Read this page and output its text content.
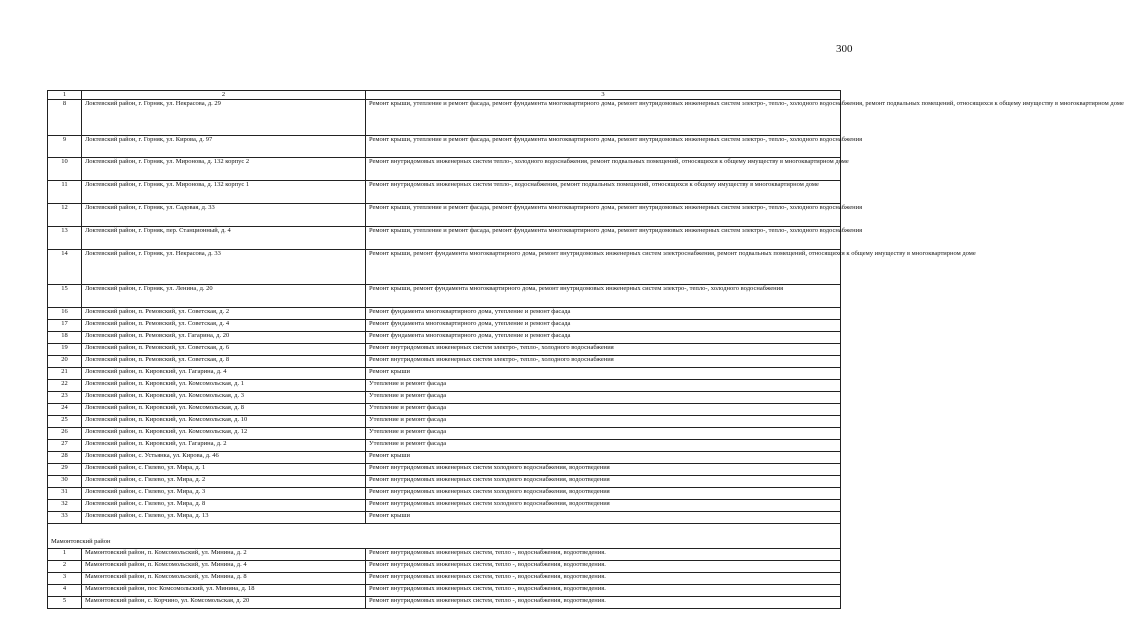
300
1	2	3
8	Локтевский район, г. Горняк, ул. Некрасова, д. 29	Ремонт крыши, утепление и ремонт фасада, ремонт фундамента многоквартирного дома, ремонт внутридомовых инженерных систем электро-, тепло-, холодного водоснабжения, ремонт подвальных помещений, относящихся к общему имуществу в многоквартирном доме
9	Локтевский район, г. Горняк, ул. Кирова, д. 97	Ремонт крыши, утепление и ремонт фасада, ремонт фундамента многоквартирного дома, ремонт внутридомовых инженерных систем электро-, тепло-, холодного водоснабжения
10	Локтевский район, г. Горняк, ул. Миронова, д. 132 корпус 2	Ремонт внутридомовых инженерных систем тепло-, холодного водоснабжения, ремонт подвальных помещений, относящихся к общему имуществу в многоквартирном доме
11	Локтевский район, г. Горняк, ул. Миронова, д. 132 корпус 1	Ремонт внутридомовых инженерных систем тепло-, водоснабжения, ремонт подвальных помещений, относящихся к общему имуществу в многоквартирном доме
12	Локтевский район, г. Горняк, ул. Садовая, д. 33	Ремонт крыши, утепление и ремонт фасада, ремонт фундамента многоквартирного дома, ремонт внутридомовых инженерных систем электро-, тепло-, холодного водоснабжения
13	Локтевский район, г. Горняк, пер. Станционный, д. 4	Ремонт крыши, утепление и ремонт фасада, ремонт фундамента многоквартирного дома, ремонт внутридомовых инженерных систем электро-, тепло-, холодного водоснабжения
14	Локтевский район, г. Горняк, ул. Некрасова, д. 33	Ремонт крыши, ремонт фундамента многоквартирного дома, ремонт внутридомовых инженерных систем электроснабжения, ремонт подвальных помещений, относящихся к общему имуществу в многоквартирном доме
15	Локтевский район, г. Горняк, ул. Ленина, д. 20	Ремонт крыши, ремонт фундамента многоквартирного дома, ремонт внутридомовых инженерных систем электро-, тепло-, холодного водоснабжения
16	Локтевский район, п. Ремовский, ул. Советская, д. 2	Ремонт фундамента многоквартирного дома, утепление и ремонт фасада
17	Локтевский район, п. Ремовский, ул. Советская, д. 4	Ремонт фундамента многоквартирного дома, утепление и ремонт фасада
18	Локтевский район, п. Ремовский, ул. Гагарина, д. 20	Ремонт фундамента многоквартирного дома, утепление и ремонт фасада
19	Локтевский район, п. Ремовский, ул. Советская, д. 6	Ремонт внутридомовых инженерных систем электро-, тепло-, холодного водоснабжения
20	Локтевский район, п. Ремовский, ул. Советская, д. 8	Ремонт внутридомовых инженерных систем электро-, тепло-, холодного водоснабжения
21	Локтевский район, п. Кировский, ул. Гагарина, д. 4	Ремонт крыши
22	Локтевский район, п. Кировский, ул. Комсомольская, д. 1	Утепление и ремонт фасада
23	Локтевский район, п. Кировский, ул. Комсомольская, д. 3	Утепление и ремонт фасада
24	Локтевский район, п. Кировский, ул. Комсомольская, д. 8	Утепление и ремонт фасада
25	Локтевский район, п. Кировский, ул. Комсомольская, д. 10	Утепление и ремонт фасада
26	Локтевский район, п. Кировский, ул. Комсомольская, д. 12	Утепление и ремонт фасада
27	Локтевский район, п. Кировский, ул. Гагарина, д. 2	Утепление и ремонт фасада
28	Локтевский район, с. Устьянка, ул. Кирова, д. 46	Ремонт крыши
29	Локтевский район, с. Гилево, ул. Мира, д. 1	Ремонт внутридомовых инженерных систем холодного водоснабжения, водоотведения
30	Локтевский район, с. Гилево, ул. Мира, д. 2	Ремонт внутридомовых инженерных систем холодного водоснабжения, водоотведения
31	Локтевский район, с. Гилево, ул. Мира, д. 3	Ремонт внутридомовых инженерных систем холодного водоснабжения, водоотведения
32	Локтевский район, с. Гилево, ул. Мира, д. 8	Ремонт внутридомовых инженерных систем холодного водоснабжения, водоотведения
33	Локтевский район, с. Гилево, ул. Мира, д. 13	Ремонт крыши
Мамонтовский район		
1	Мамонтовский район, п. Комсомольский, ул. Минина, д. 2	Ремонт внутридомовых инженерных систем, тепло -, водоснабжения, водоотведения.
2	Мамонтовский район, п. Комсомольский, ул. Минина, д. 4	Ремонт внутридомовых инженерных систем, тепло -, водоснабжения, водоотведения.
3	Мамонтовский район, п. Комсомольский, ул. Минина, д. 8	Ремонт внутридомовых инженерных систем, тепло -, водоснабжения, водоотведения.
4	Мамонтовский район, пос Комсомольский, ул. Минина, д. 18	Ремонт внутридомовых инженерных систем, тепло -, водоснабжения, водоотведения.
5	Мамонтовский район, с. Корчино, ул. Комсомольская, д. 20	Ремонт внутридомовых инженерных систем, тепло -, водоснабжения, водоотведения.
